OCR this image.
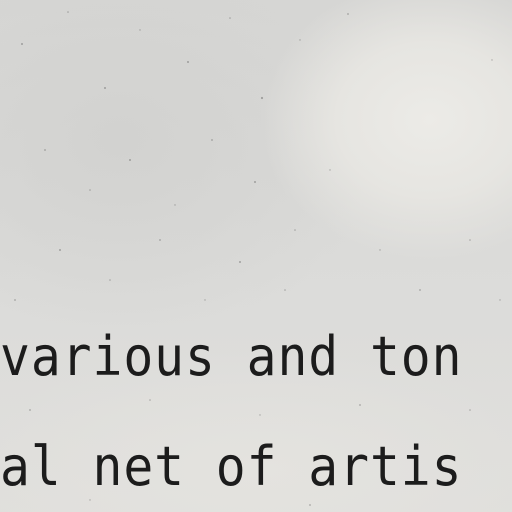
various and ton

al net of artis
